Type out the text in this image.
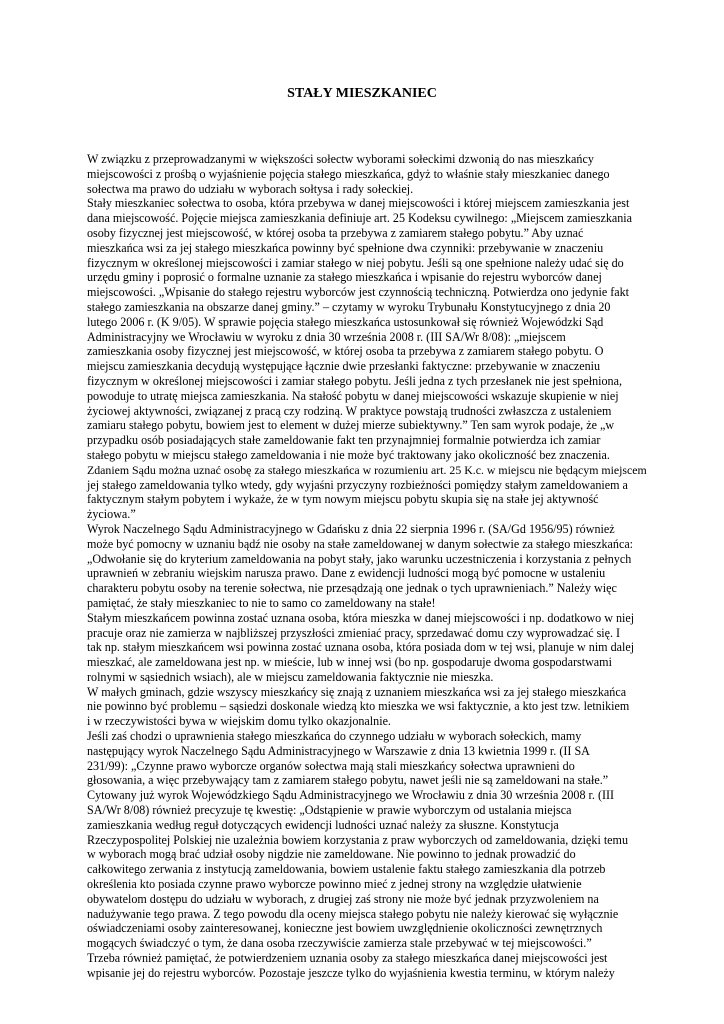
STAŁY MIESZKANIEC
W związku z przeprowadzanymi w większości sołectw wyborami sołeckimi dzwonią do nas mieszkańcy
miejscowości z prośbą o wyjaśnienie pojęcia stałego mieszkańca, gdyż to właśnie stały mieszkaniec danego
sołectwa ma prawo do udziału w wyborach sołtysa i rady sołeckiej.
Stały mieszkaniec sołectwa to osoba, która przebywa w danej miejscowości i której miejscem zamieszkania jest
dana miejscowość. Pojęcie miejsca zamieszkania definiuje art. 25 Kodeksu cywilnego: „Miejscem zamieszkania
osoby fizycznej jest miejscowość, w której osoba ta przebywa z zamiarem stałego pobytu.” Aby uznać
mieszkańca wsi za jej stałego mieszkańca powinny być spełnione dwa czynniki: przebywanie w znaczeniu
fizycznym w określonej miejscowości i zamiar stałego w niej pobytu. Jeśli są one spełnione należy udać się do
urzędu gminy i poprosić o formalne uznanie za stałego mieszkańca i wpisanie do rejestru wyborców danej
miejscowości. „Wpisanie do stałego rejestru wyborców jest czynnością techniczną. Potwierdza ono jedynie fakt
stałego zamieszkania na obszarze danej gminy.” – czytamy w wyroku Trybunału Konstytucyjnego z dnia 20
lutego 2006 r. (K 9/05). W sprawie pojęcia stałego mieszkańca ustosunkował się również Wojewódzki Sąd
Administracyjny we Wrocławiu w wyroku z dnia 30 września 2008 r. (III SA/Wr 8/08): „miejscem
zamieszkania osoby fizycznej jest miejscowość, w której osoba ta przebywa z zamiarem stałego pobytu. O
miejscu zamieszkania decydują występujące łącznie dwie przesłanki faktyczne: przebywanie w znaczeniu
fizycznym w określonej miejscowości i zamiar stałego pobytu. Jeśli jedna z tych przesłanek nie jest spełniona,
powoduje to utratę miejsca zamieszkania. Na stałość pobytu w danej miejscowości wskazuje skupienie w niej
życiowej aktywności, związanej z pracą czy rodziną. W praktyce powstają trudności zwłaszcza z ustaleniem
zamiaru stałego pobytu, bowiem jest to element w dużej mierze subiektywny.” Ten sam wyrok podaje, że „w
przypadku osób posiadających stałe zameldowanie fakt ten przynajmniej formalnie potwierdza ich zamiar
stałego pobytu w miejscu stałego zameldowania i nie może być traktowany jako okoliczność bez znaczenia.
Zdaniem Sądu można uznać osobę za stałego mieszkańca w rozumieniu art. 25 K.c. w miejscu nie będącym miejscem
jej stałego zameldowania tylko wtedy, gdy wyjaśni przyczyny rozbieżności pomiędzy stałym zameldowaniem a
faktycznym stałym pobytem i wykaże, że w tym nowym miejscu pobytu skupia się na stałe jej aktywność
życiowa.”
Wyrok Naczelnego Sądu Administracyjnego w Gdańsku z dnia 22 sierpnia 1996 r. (SA/Gd 1956/95) również
może być pomocny w uznaniu bądź nie osoby na stałe zameldowanej w danym sołectwie za stałego mieszkańca:
„Odwołanie się do kryterium zameldowania na pobyt stały, jako warunku uczestniczenia i korzystania z pełnych
uprawnień w zebraniu wiejskim narusza prawo. Dane z ewidencji ludności mogą być pomocne w ustaleniu
charakteru pobytu osoby na terenie sołectwa, nie przesądzają one jednak o tych uprawnieniach.” Należy więc
pamiętać, że stały mieszkaniec to nie to samo co zameldowany na stałe!
Stałym mieszkańcem powinna zostać uznana osoba, która mieszka w danej miejscowości i np. dodatkowo w niej
pracuje oraz nie zamierza w najbliższej przyszłości zmieniać pracy, sprzedawać domu czy wyprowadzać się. I
tak np. stałym mieszkańcem wsi powinna zostać uznana osoba, która posiada dom w tej wsi, planuje w nim dalej
mieszkać, ale zameldowana jest np. w mieście, lub w innej wsi (bo np. gospodaruje dwoma gospodarstwami
rolnymi w sąsiednich wsiach), ale w miejscu zameldowania faktycznie nie mieszka.
W małych gminach, gdzie wszyscy mieszkańcy się znają z uznaniem mieszkańca wsi za jej stałego mieszkańca
nie powinno być problemu – sąsiedzi doskonale wiedzą kto mieszka we wsi faktycznie, a kto jest tzw. letnikiem
i w rzeczywistości bywa w wiejskim domu tylko okazjonalnie.
Jeśli zaś chodzi o uprawnienia stałego mieszkańca do czynnego udziału w wyborach sołeckich, mamy
następujący wyrok Naczelnego Sądu Administracyjnego w Warszawie z dnia 13 kwietnia 1999 r. (II SA
231/99): „Czynne prawo wyborcze organów sołectwa mają stali mieszkańcy sołectwa uprawnieni do
głosowania, a więc przebywający tam z zamiarem stałego pobytu, nawet jeśli nie są zameldowani na stałe.”
Cytowany już wyrok Wojewódzkiego Sądu Administracyjnego we Wrocławiu z dnia 30 września 2008 r. (III
SA/Wr 8/08) również precyzuje tę kwestię: „Odstąpienie w prawie wyborczym od ustalania miejsca
zamieszkania według reguł dotyczących ewidencji ludności uznać należy za słuszne. Konstytucja
Rzeczypospolitej Polskiej nie uzależnia bowiem korzystania z praw wyborczych od zameldowania, dzięki temu
w wyborach mogą brać udział osoby nigdzie nie zameldowane. Nie powinno to jednak prowadzić do
całkowitego zerwania z instytucją zameldowania, bowiem ustalenie faktu stałego zamieszkania dla potrzeb
określenia kto posiada czynne prawo wyborcze powinno mieć z jednej strony na względzie ułatwienie
obywatelom dostępu do udziału w wyborach, z drugiej zaś strony nie może być jednak przyzwoleniem na
nadużywanie tego prawa. Z tego powodu dla oceny miejsca stałego pobytu nie należy kierować się wyłącznie
oświadczeniami osoby zainteresowanej, konieczne jest bowiem uwzględnienie okoliczności zewnętrznych
mogących świadczyć o tym, że dana osoba rzeczywiście zamierza stale przebywać w tej miejscowości.”
Trzeba również pamiętać, że potwierdzeniem uznania osoby za stałego mieszkańca danej miejscowości jest
wpisanie jej do rejestru wyborców. Pozostaje jeszcze tylko do wyjaśnienia kwestia terminu, w którym należy
